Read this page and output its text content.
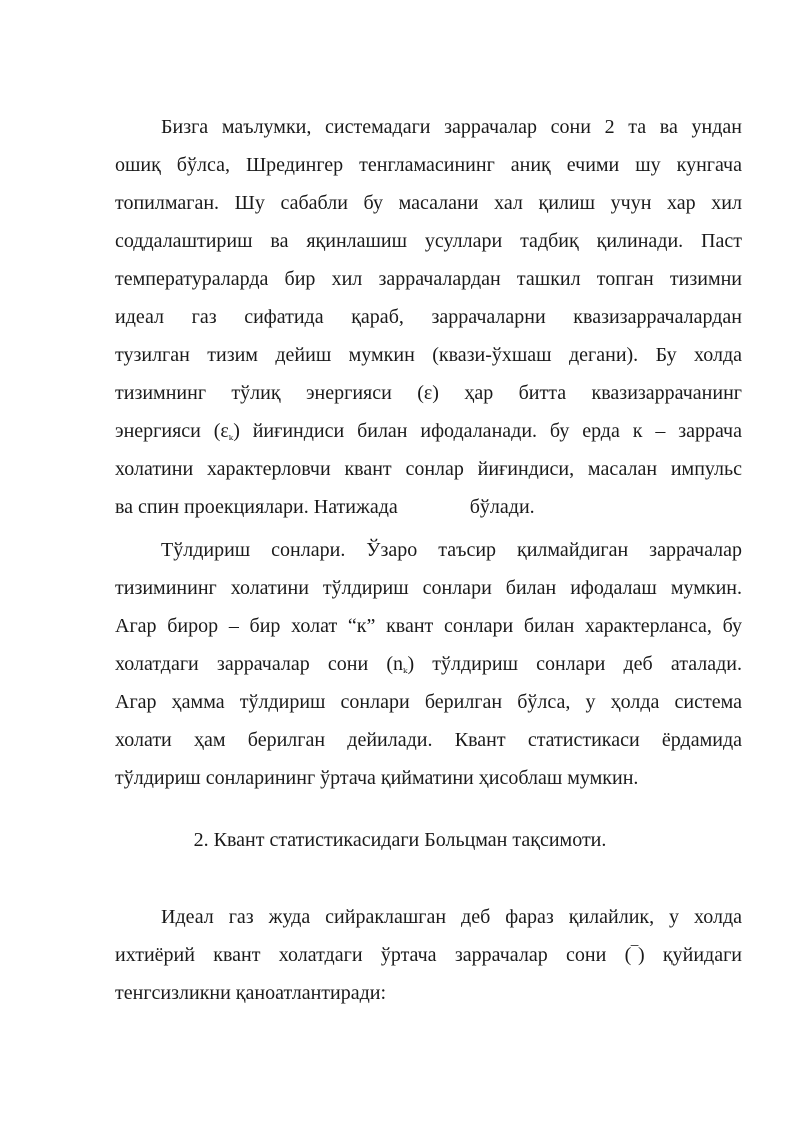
Бизга маълумки, системадаги заррачалар сони 2 та ва ундан
ошиқ бўлса, Шредингер тенгламасининг аниқ ечими шу кунгача
топилмаган. Шу сабабли бу масалани хал қилиш учун хар хил
соддалаштириш ва яқинлашиш усуллари тадбиқ қилинади. Паст
температураларда бир хил заррачалардан ташкил топган тизимни
идеал газ сифатида қараб, заррачаларни квазизаррачалардан
тузилган тизим дейиш мумкин (квази-ўхшаш дегани). Бу холда
тизимнинг тўлиқ энергияси (ε) ҳар битта квазизаррачанинг
энергияси $(\varepsilon_{_k})$ йиғиндиси билан ифодаланади. бу ерда к – заррача
холатини характерловчи квант сонлар йиғиндиси, масалан импульс
ва спин проекциялари. Натижада	бўлади.
Тўлдириш сонлари. Ўзаро таъсир қилмайдиган заррачалар
тизимининг холатини тўлдириш сонлари билан ифодалаш мумкин.
Агар бирор – бир холат “к” квант сонлари билан характерланса, бу
холатдаги заррачалар сони $(n_{_k})$ тўлдириш сонлари деб аталади.
Агар ҳамма тўлдириш сонлари берилган бўлса, у ҳолда система
холати ҳам берилган дейилади. Квант статистикаси ёрдамида
тўлдириш сонларининг ўртача қийматини ҳисоблаш мумкин.
2. Квант статистикасидаги Больцман тақсимоти.
Идеал газ жуда сийраклашган деб фараз қилайлик, у холда
ихтиёрий квант холатдаги ўртача заррачалар сони (‾) қуйидаги
тенгсизликни қаноатлантиради:
